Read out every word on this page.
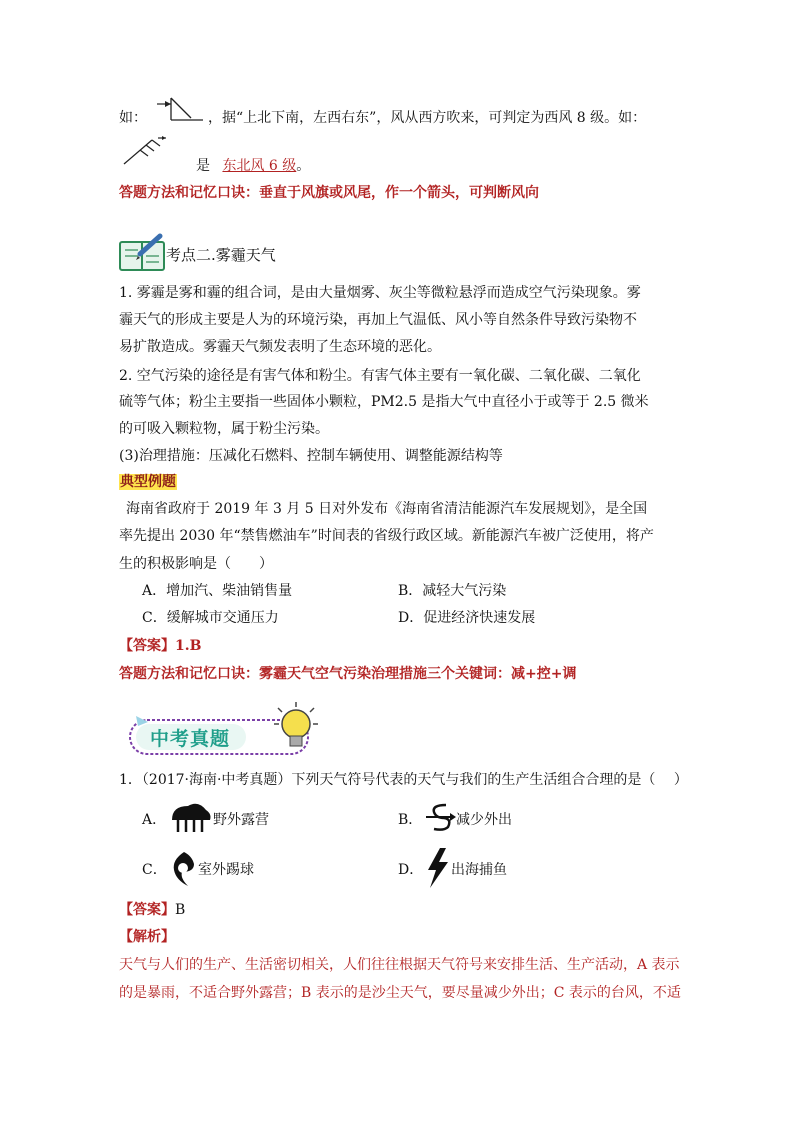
如：	，据“上北下南，左西右东”，风从西方吹来，可判定为西风 8 级。如：
是 东北风 6 级。
答题方法和记忆口诀：垂直于风旗或风尾，作一个箭头，可判断风向
考点二.雾霾天气
1. 雾霾是雾和霾的组合词，是由大量烟雾、灰尘等微粒悬浮而造成空气污染现象。雾
霾天气的形成主要是人为的环境污染，再加上气温低、风小等自然条件导致污染物不
易扩散造成。雾霾天气频发表明了生态环境的恶化。
2. 空气污染的途径是有害气体和粉尘。有害气体主要有一氧化碳、二氧化碳、二氧化
硫等气体；粉尘主要指一些固体小颗粒，PM2.5 是指大气中直径小于或等于 2.5 微米
的可吸入颗粒物，属于粉尘污染。
(3)治理措施：压减化石燃料、控制车辆使用、调整能源结构等
典型例题
海南省政府于 2019 年 3 月 5 日对外发布《海南省清洁能源汽车发展规划》，是全国
率先提出 2030 年“禁售燃油车”时间表的省级行政区域。新能源汽车被广泛使用，将产
生的积极影响是（　　）
A．增加汽、柴油销售量	B．减轻大气污染
C．缓解城市交通压力	D．促进经济快速发展
【答案】1.B
答题方法和记忆口诀：雾霾天气空气污染治理措施三个关键词：减+控+调
中考真题
1．（2017·海南·中考真题）下列天气符号代表的天气与我们的生产生活组合合理的是（　 ）
A．	野外露营	B． 减少外出
C． 室外踢球	D． 出海捕鱼
【答案】B
【解析】
天气与人们的生产、生活密切相关，人们往往根据天气符号来安排生活、生产活动，A 表示
的是暴雨，不适合野外露营；B 表示的是沙尘天气，要尽量减少外出；C 表示的台风，不适
